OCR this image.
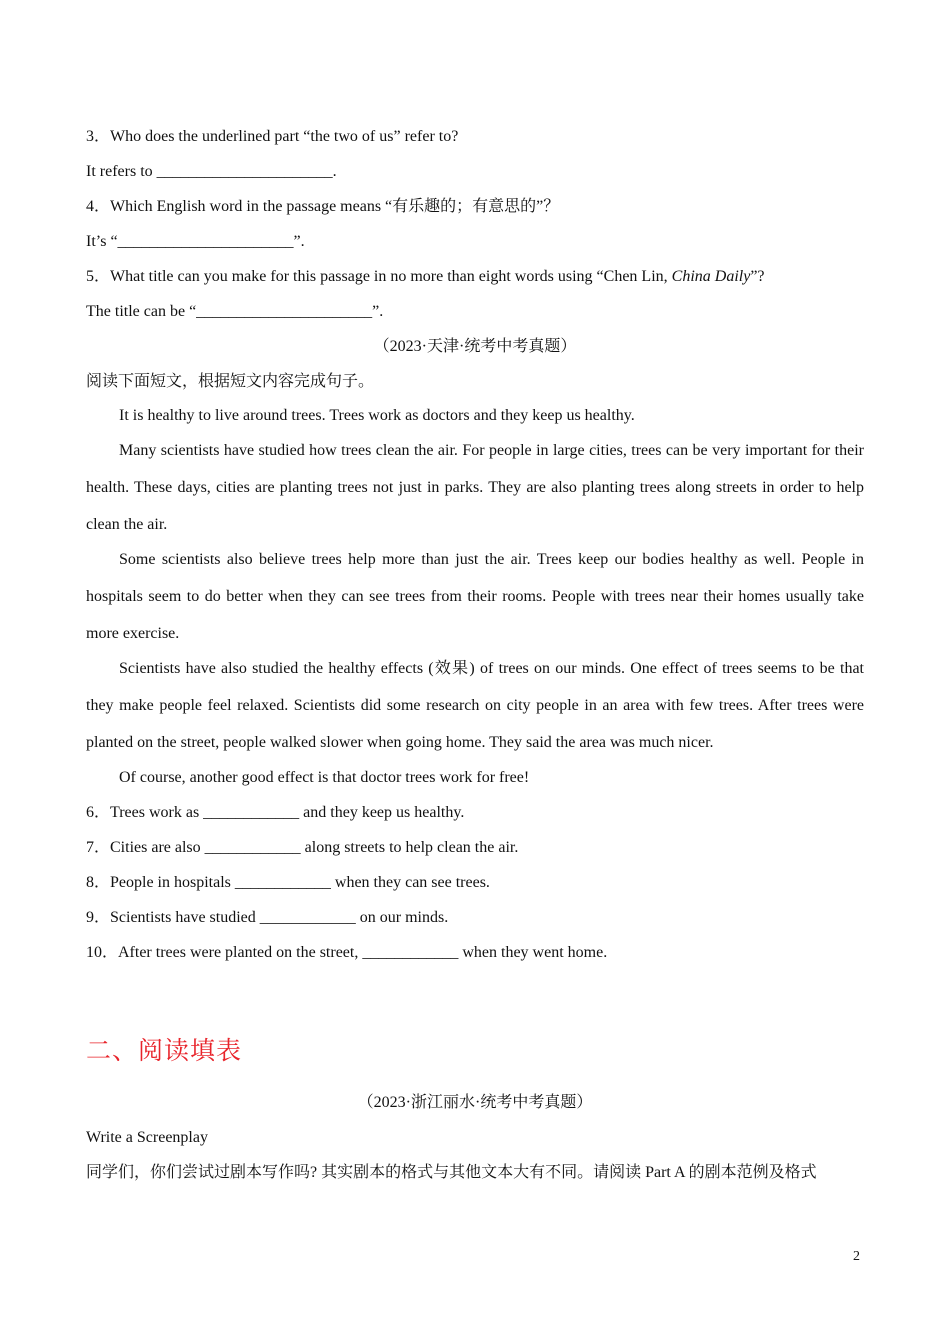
3．Who does the underlined part “the two of us” refer to?
It refers to ______________________.
4．Which English word in the passage means “有乐趣的；有意思的”？
It’s “______________________”.
5．What title can you make for this passage in no more than eight words using “Chen Lin, China Daily”?
The title can be “______________________”.
（2023·天津·统考中考真题）
阅读下面短文，根据短文内容完成句子。
It is healthy to live around trees. Trees work as doctors and they keep us healthy.
Many scientists have studied how trees clean the air. For people in large cities, trees can be very important for their health. These days, cities are planting trees not just in parks. They are also planting trees along streets in order to help clean the air.
Some scientists also believe trees help more than just the air. Trees keep our bodies healthy as well. People in hospitals seem to do better when they can see trees from their rooms. People with trees near their homes usually take more exercise.
Scientists have also studied the healthy effects (效果) of trees on our minds. One effect of trees seems to be that they make people feel relaxed. Scientists did some research on city people in an area with few trees. After trees were planted on the street, people walked slower when going home. They said the area was much nicer.
Of course, another good effect is that doctor trees work for free!
6．Trees work as ____________ and they keep us healthy.
7．Cities are also ____________ along streets to help clean the air.
8．People in hospitals ____________ when they can see trees.
9．Scientists have studied ____________ on our minds.
10．After trees were planted on the street, ____________ when they went home.
二、阅读填表
（2023·浙江丽水·统考中考真题）
Write a Screenplay
同学们，你们尝试过剧本写作吗? 其实剧本的格式与其他文本大有不同。请阅读 Part A 的剧本范例及格式
2
